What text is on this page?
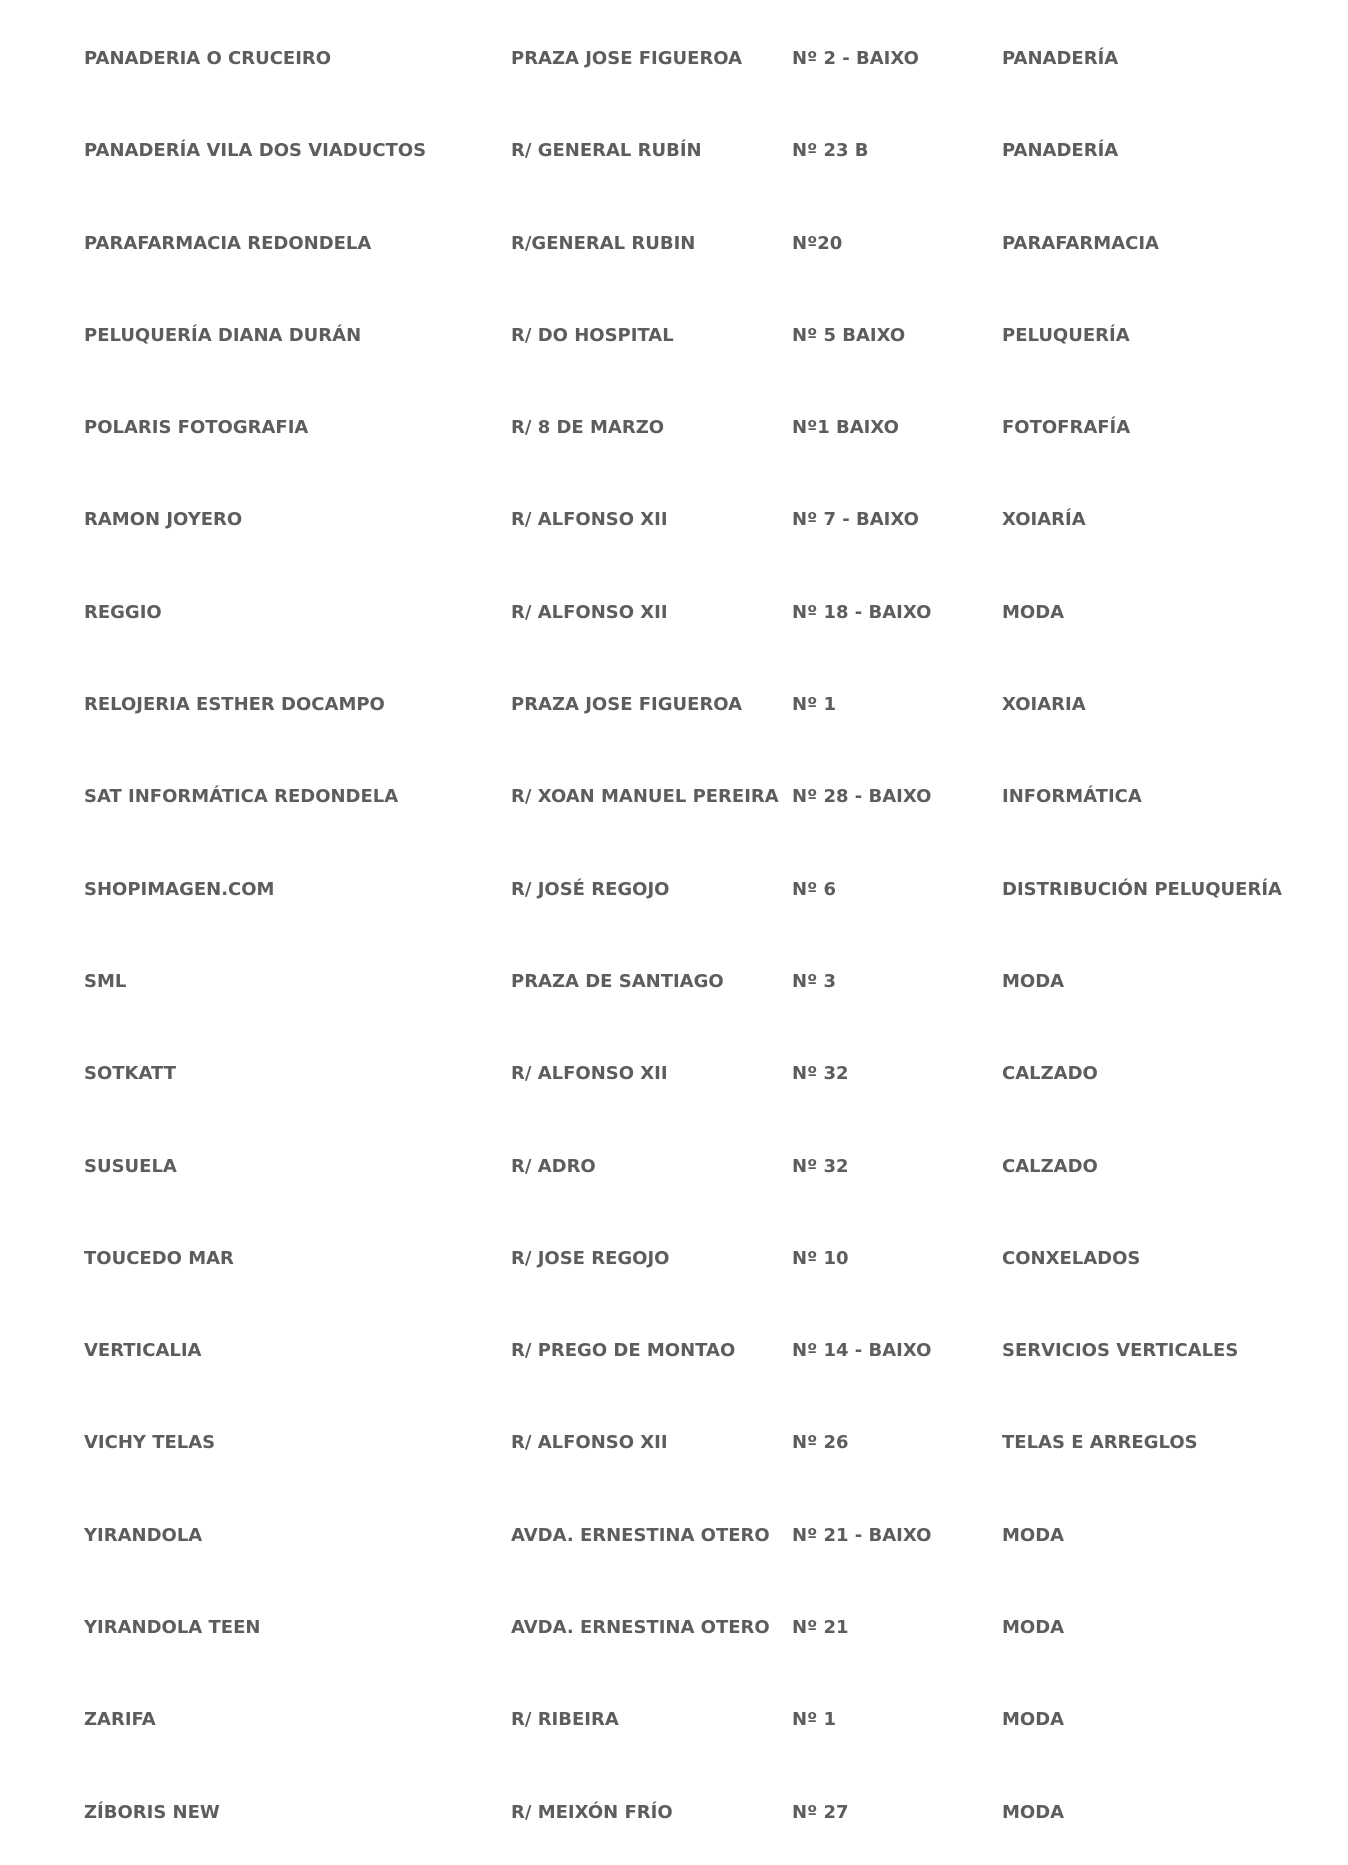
PANADERIA O CRUCEIRO	PRAZA JOSE FIGUEROA	Nº 2 - BAIXO	PANADERÍA
PANADERÍA VILA DOS VIADUCTOS	R/ GENERAL RUBÍN	Nº 23 B	PANADERÍA
PARAFARMACIA REDONDELA	R/GENERAL RUBIN	Nº20	PARAFARMACIA
PELUQUERÍA DIANA DURÁN	R/ DO HOSPITAL	Nº 5 BAIXO	PELUQUERÍA
POLARIS FOTOGRAFIA	R/ 8 DE MARZO	Nº1 BAIXO	FOTOFRAFÍA
RAMON JOYERO	R/ ALFONSO XII	Nº 7 - BAIXO	XOIARÍA
REGGIO	R/ ALFONSO XII	Nº 18 - BAIXO	MODA
RELOJERIA ESTHER DOCAMPO	PRAZA JOSE FIGUEROA	Nº 1	XOIARIA
SAT INFORMÁTICA REDONDELA	R/ XOAN MANUEL PEREIRA Nº 28 - BAIXO	INFORMÁTICA
SHOPIMAGEN.COM	R/ JOSÉ REGOJO	Nº 6	DISTRIBUCIÓN PELUQUERÍA
SML	PRAZA DE SANTIAGO	Nº 3	MODA
SOTKATT	R/ ALFONSO XII	Nº 32	CALZADO
SUSUELA	R/ ADRO	Nº 32	CALZADO
TOUCEDO MAR	R/ JOSE REGOJO	Nº 10	CONXELADOS
VERTICALIA	R/ PREGO DE MONTAO	Nº 14 - BAIXO	SERVICIOS VERTICALES
VICHY TELAS	R/ ALFONSO XII	Nº 26	TELAS E ARREGLOS
YIRANDOLA	AVDA. ERNESTINA OTERO Nº 21 - BAIXO	MODA
YIRANDOLA TEEN	AVDA. ERNESTINA OTERO Nº 21	MODA
ZARIFA	R/ RIBEIRA	Nº 1	MODA
ZÍBORIS NEW	R/ MEIXÓN FRÍO	Nº 27	MODA
